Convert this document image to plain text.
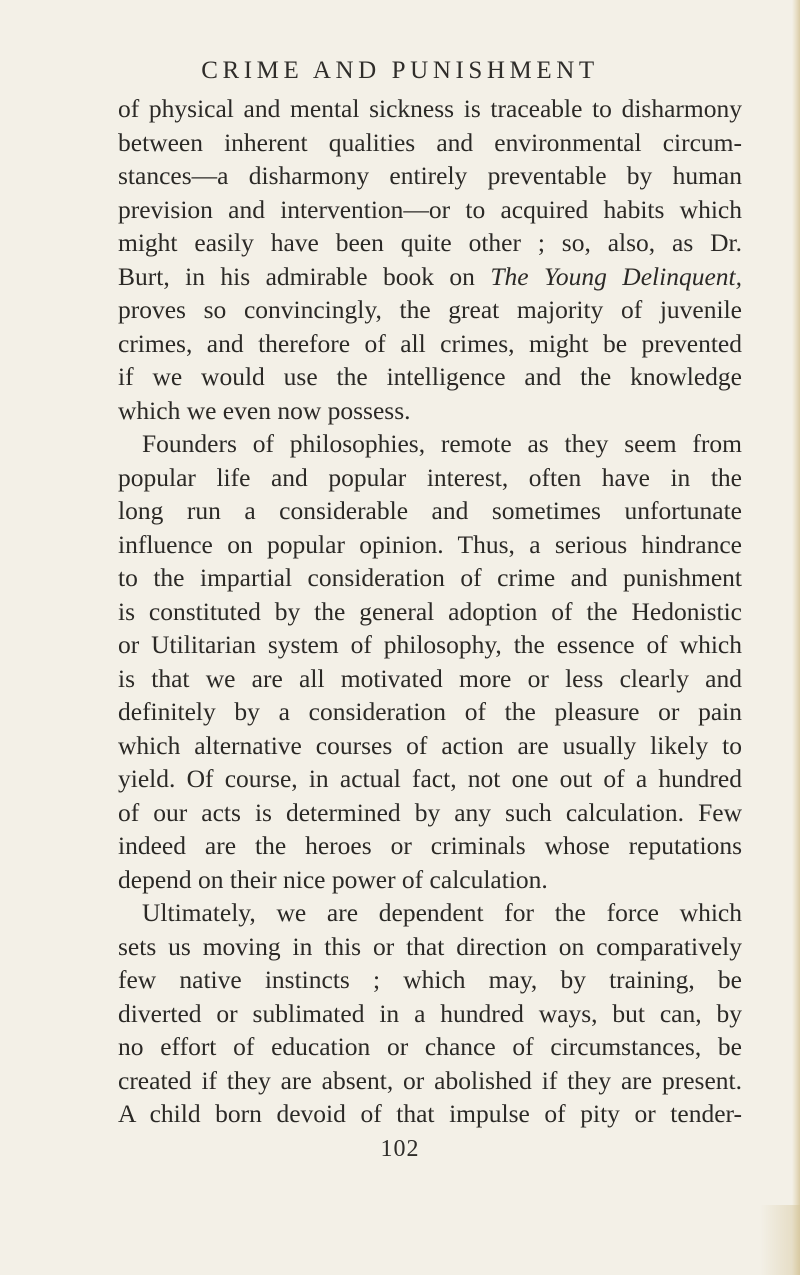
CRIME AND PUNISHMENT
of physical and mental sickness is traceable to disharmony
between inherent qualities and environmental circum-
stances—a disharmony entirely preventable by human
prevision and intervention—or to acquired habits which
might easily have been quite other ; so, also, as Dr.
Burt, in his admirable book on The Young Delinquent,
proves so convincingly, the great majority of juvenile
crimes, and therefore of all crimes, might be prevented
if we would use the intelligence and the knowledge
which we even now possess.
Founders of philosophies, remote as they seem from
popular life and popular interest, often have in the
long run a considerable and sometimes unfortunate
influence on popular opinion. Thus, a serious hindrance
to the impartial consideration of crime and punishment
is constituted by the general adoption of the Hedonistic
or Utilitarian system of philosophy, the essence of which
is that we are all motivated more or less clearly and
definitely by a consideration of the pleasure or pain
which alternative courses of action are usually likely to
yield. Of course, in actual fact, not one out of a hundred
of our acts is determined by any such calculation. Few
indeed are the heroes or criminals whose reputations
depend on their nice power of calculation.
Ultimately, we are dependent for the force which
sets us moving in this or that direction on comparatively
few native instincts ; which may, by training, be
diverted or sublimated in a hundred ways, but can, by
no effort of education or chance of circumstances, be
created if they are absent, or abolished if they are present.
A child born devoid of that impulse of pity or tender-
102
